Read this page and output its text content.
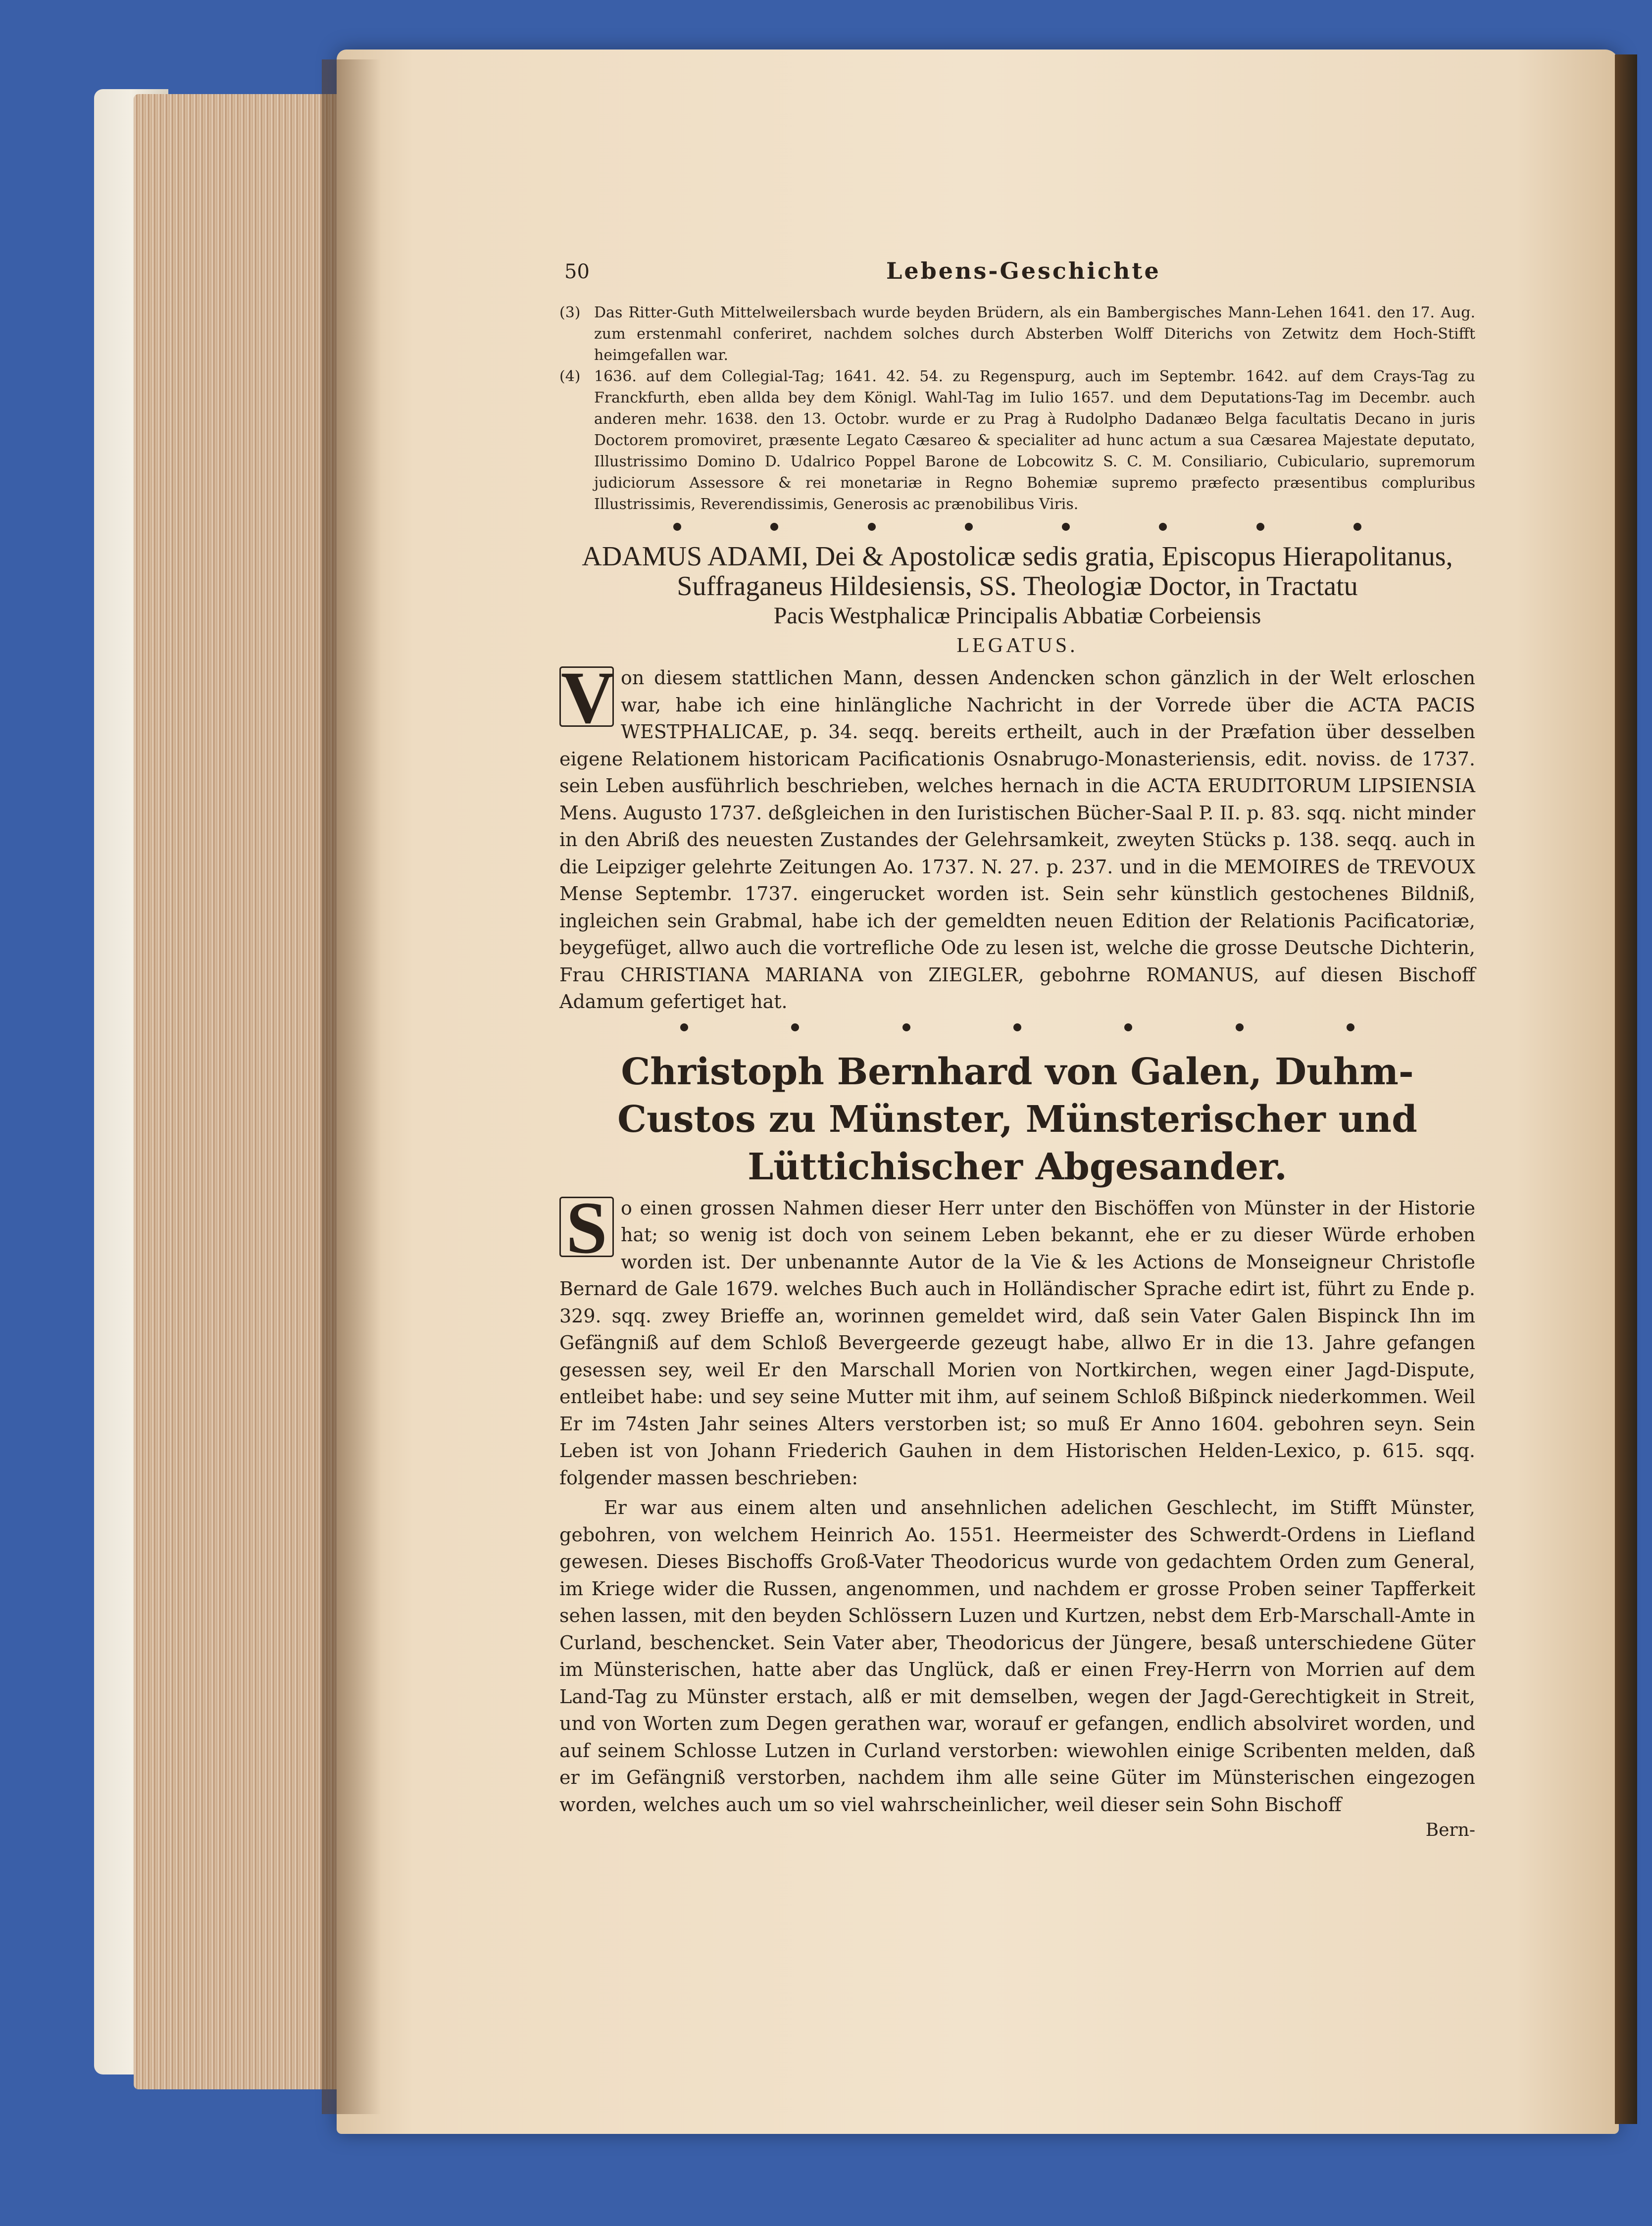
50	Lebens-Geschichte
(3) Das Ritter-Guth Mittelweilersbach wurde beyden Brüdern, als ein Bambergisches Mann-Lehen 1641. den 17. Aug. zum erstenmahl conferiret, nachdem solches durch Absterben Wolff Diterichs von Zetwitz dem Hoch-Stifft heimgefallen war.
(4) 1636. auf dem Collegial-Tag; 1641. 42. 54. zu Regenspurg, auch im Septembr. 1642. auf dem Crays-Tag zu Franckfurth, eben allda bey dem Königl. Wahl-Tag im Iulio 1657. und dem Deputations-Tag im Decembr. auch anderen mehr. 1638. den 13. Octobr. wurde er zu Prag à Rudolpho Dadanæo Belga facultatis Decano in juris Doctorem promoviret, præsente Legato Cæsareo & specialiter ad hunc actum a sua Cæsarea Majestate deputato, Illustrissimo Domino D. Udalrico Poppel Barone de Lobcowitz S. C. M. Consiliario, Cubiculario, supremorum judiciorum Assessore & rei monetariæ in Regno Bohemiæ supremo præfecto præsentibus compluribus Illustrissimis, Reverendissimis, Generosis ac prænobilibus Viris.
ADAMUS ADAMI, Dei & Apostolicæ sedis gratia, Episcopus Hierapolitanus, Suffraganeus Hildesiensis, SS. Theologiæ Doctor, in Tractatu
Pacis Westphalicæ Principalis Abbatiæ Corbeiensis
LEGATUS.
V on diesem stattlichen Mann, dessen Andencken schon gänzlich in der Welt erloschen war, habe ich eine hinlängliche Nachricht in der Vorrede über die ACTA PACIS WESTPHALICAE, p. 34. seqq. bereits ertheilt, auch in der Præfation über desselben eigene Relationem historicam Pacificationis Osnabrugo-Monasteriensis, edit. noviss. de 1737. sein Leben ausführlich beschrieben, welches hernach in die ACTA ERUDITORUM LIPSIENSIA Mens. Augusto 1737. deßgleichen in den Iuristischen Bücher-Saal P. II. p. 83. sqq. nicht minder in den Abriß des neuesten Zustandes der Gelehrsamkeit, zweyten Stücks p. 138. seqq. auch in die Leipziger gelehrte Zeitungen Ao. 1737. N. 27. p. 237. und in die MEMOIRES de TREVOUX Mense Septembr. 1737. eingerucket worden ist. Sein sehr künstlich gestochenes Bildniß, ingleichen sein Grabmal, habe ich der gemeldten neuen Edition der Relationis Pacificatoriæ, beygefüget, allwo auch die vortrefliche Ode zu lesen ist, welche die grosse Deutsche Dichterin, Frau CHRISTIANA MARIANA von ZIEGLER, gebohrne ROMANUS, auf diesen Bischoff Adamum gefertiget hat.
Christoph Bernhard von Galen, Duhm-Custos zu Münster, Münsterischer und Lüttichischer Abgesander.
S o einen grossen Nahmen dieser Herr unter den Bischöffen von Münster in der Historie hat; so wenig ist doch von seinem Leben bekannt, ehe er zu dieser Würde erhoben worden ist. Der unbenannte Autor de la Vie & les Actions de Monseigneur Christofle Bernard de Gale 1679. welches Buch auch in Holländischer Sprache edirt ist, führt zu Ende p. 329. sqq. zwey Brieffe an, worinnen gemeldet wird, daß sein Vater Galen Bispinck Ihn im Gefängniß auf dem Schloß Bevergeerde gezeugt habe, allwo Er in die 13. Jahre gefangen gesessen sey, weil Er den Marschall Morien von Nortkirchen, wegen einer Jagd-Dispute, entleibet habe: und sey seine Mutter mit ihm, auf seinem Schloß Bißpinck niederkommen. Weil Er im 74sten Jahr seines Alters verstorben ist; so muß Er Anno 1604. gebohren seyn. Sein Leben ist von Johann Friederich Gauhen in dem Historischen Helden-Lexico, p. 615. sqq. folgender massen beschrieben:
Er war aus einem alten und ansehnlichen adelichen Geschlecht, im Stifft Münster, gebohren, von welchem Heinrich Ao. 1551. Heermeister des Schwerdt-Ordens in Liefland gewesen. Dieses Bischoffs Groß-Vater Theodoricus wurde von gedachtem Orden zum General, im Kriege wider die Russen, angenommen, und nachdem er grosse Proben seiner Tapfferkeit sehen lassen, mit den beyden Schlössern Luzen und Kurtzen, nebst dem Erb-Marschall-Amte in Curland, beschencket. Sein Vater aber, Theodoricus der Jüngere, besaß unterschiedene Güter im Münsterischen, hatte aber das Unglück, daß er einen Frey-Herrn von Morrien auf dem Land-Tag zu Münster erstach, alß er mit demselben, wegen der Jagd-Gerechtigkeit in Streit, und von Worten zum Degen gerathen war, worauf er gefangen, endlich absolviret worden, und auf seinem Schlosse Lutzen in Curland verstorben: wiewohlen einige Scribenten melden, daß er im Gefängniß verstorben, nachdem ihm alle seine Güter im Münsterischen eingezogen worden, welches auch um so viel wahrscheinlicher, weil dieser sein Sohn Bischoff
Bern-
